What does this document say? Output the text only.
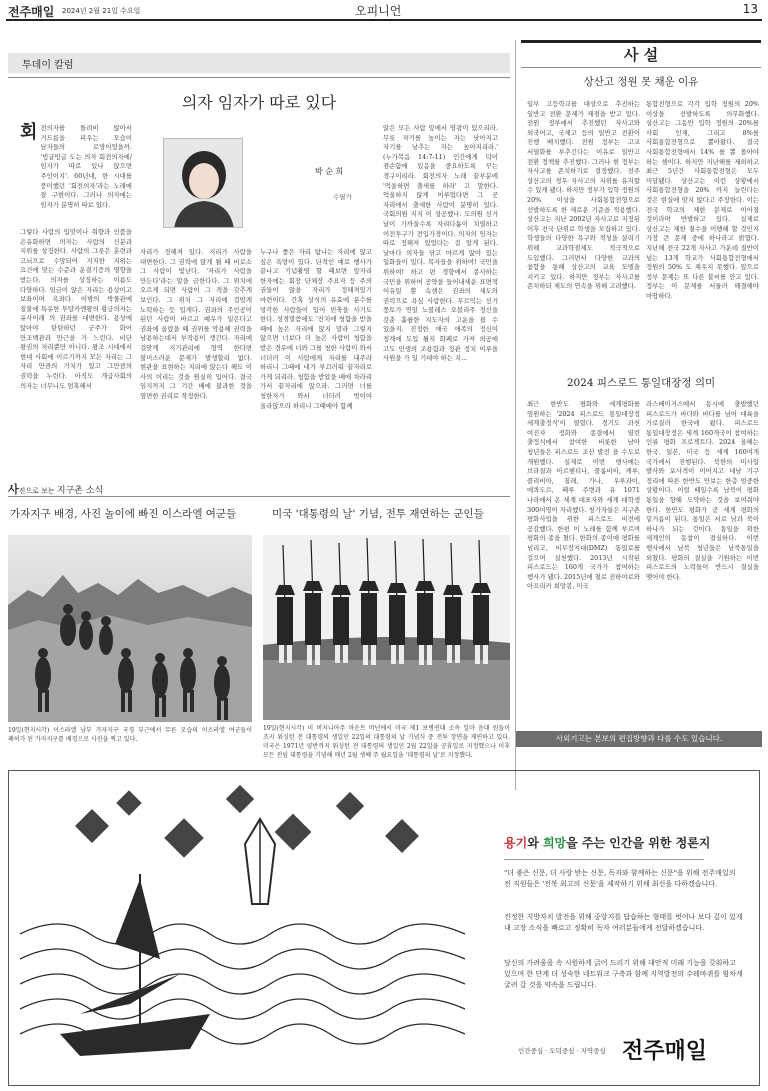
전주매일 2024년 2월 21일 수요일	오피니언	13
투데이 칼럼
의자 임자가 따로 있다
회 전의자를 돌려비 않아서 거드름을 피우는 모습이 남자들의 로망이었을까. '빙글빙글 도는 의자 회전의자에/임자가 따로 있나 앉으면 주인이지'. 60년대, 한 시대를 풍미했던 '회전의자'라는 노래에 잘 구현이다. 그러나 의자에는 임자가 분명히 따로 있다.
그렇다 사람의 입맞이나 취향과 인품을 은유화하면 의자는 사람의 신분과 지위를 상징한다. 사람의 그릇은 훈련과 고뇌으로 수망되어 지지한 지위는 요건에 맞는 수준과 운결기증의 영향을 받는다. 의자를 상징하는 이름도 다양하다. 임금이 앉은 자리는 용상이고 보좌이며 옥좌다. 이밖의 박물관에 질불에 특유한 투탕카멘왕의 황금의자는 유사이래 의 권좌를 대변한다. 용상에 앉아야 탄탄하던 군주가 화어 만조백관과 만근을 가 느린다. 비단 왕권의 자리뿐만 아니다. 왕조 시대에서 현대 사회에 이르기까지 모든 자리는 그 자리 만큼의 가치가 있고 그만큼의 권력을 누린다. 아직도 개급사회의 의자는 너무나도 엄혹해서
박 순 희
수필가
자리가 정해져 있다. 지리가 사람을 대변한다. 그 권력에 앉게 될 때 비로소 그 사람이 빛난다. '자리가 사람을 만든다'라는 말을 금한다다. 그 위치에 오르게 되면 사람이 그 격을 갖추게 보인다. 그 위치 그 자리에 걸맞게 노력하는 듯 입게다. 권좌의 주인공이 된던 사람이 바르고 예우가 일은다고 권좌에 올랐을 때 권위를 악용해 권력을 남용하는데서 부작용이 생긴다. 자리에 걸맞게 지기관리에 형역 한다면 불미스러운 문제가 발생할리 없다. 현관을 표현하는 지리에 앉는다 해도 이 사의 이리는 것을 원실히 입어다. 결국 임지까지 그 기간 배에 불과한 것을 염면한 권리로 작정한다.
누구나 좋은 자리 탐나는 자리에 앉고 싶은 욕망이 있다. 단적인 예로 행사가 끝나고 기념촬영 할 때보면 앞자리 한자에는 회장 단체장 주요자 등 주의 권들이 앉을 자리가 정해져있기 마련이다. 간혹 상식의 유효에 분수를 망각한 사람들이 있어 빈축을 사기도 한다. 성경말씀에도 '잔치에 청함을 받을 때에 높은 자리에 앉지 말라 그렇지 않으면 너보다 더 높은 사람이 청함을 받은 경우에 너와 그를 청한 사람이 와서 너더러 이 사람에게 자리를 내주라 하리니 그때에 네가 부끄러워 끝자리로 가게 되리라. 청함을 받았을 때에 차라리 가서 끝자리에 앉으라. 그러면 너를 청한자가 와서 너더러 벗이여 올라앉으라 하리니 그때에야 함께
앉은 모든 사람 앞에서 영광이 있으리라. 무릇 자기를 높이는 자는 낮아지고 자기를 낮추는 자는 높아지리라.' (누가복음 14:7-11) 인간에게 덕이 겸손함에 있음을 중요하도록 꾸는 경구이리라. 회전의자 노래 끝부분에 '억울하면 출세를 하라' 고 말한다. 억울하지 않게 이루었다면 그 곳 자리에서 출세한 사람이 분명히 있다. 국회의원 지지 이 성공했나. 도의원 선거 날이 가까울수록 자리다툼이 치열하고 이전투구가 전입가경이다. 의자의 임자는 따로 정해져 있었다는 걸 알게 된다. 날마다 의자들 닦고 마르게 앉아 있는 일화들이 있다. 목자들을 위하여! 국민을 위하여! 하고 편 경향에서 봉사하는 국민을 위하여 공약을 들어내세운 표면적 이유일 뿐 속셈은 권좌의 세도와 권력으로 욕심 사람한다. 무르익는 선거 풍토가 연일 노블레스 오블리주 정신을 갖춘 훌륭한 지도자의 고운을 볼 수 있을지. 진정한 애국 애족의 정신이 정계에 도입 될지 화폐로 가져 외공에 고도 민생의 조용함과 정관 정치 이루을 사원을 가 일 기대야 하는 지...
사 설
상산고 정원 못 채운 이유
일부 고등학교를 대상으로 추진하는 일반고 전환 문제가 재점을 받고 있다. 전원 정부에서 추진했던 자사고와 외국어고, 국제고 등의 일반고 전환이 진행 배치했다. 전원 정부는 고교 서열화를 부추긴다는 이유로 일반고 전환 정책를 추진했다. 그러나 현 정부는 자사고를 존치하기로 결정했다. 전주 상산고의 경우 자사고의 지위를 유지할 수 있게 됐다. 하지만 정부가 입학 정원의 20% 이상을 사회통합전형으로 선발하도록 한 새로운 기준을 적용했다. 상산고는 지난 2002년 자사고로 지정된 이후 전국 단위로 학생을 모집하고 있다. 학생들의 다양한 욕구와 적성을 살리기 위해 교과학점제도 적극적으로 도입했다. 그러면서 다양한 교과의 융합을 통해 상산고의 교육 모델을 지키고 있다. 하지만 정부는 자사고를 존치하되 제도의 연속을 위해 고려했다.
통합전형으로 각각 입학 정원의 20% 이상을 선발하도록 의무화했다. 상산고는 그동안 입학 정원의 20%를 사회 인재, 그리고 8%를 사회통합전형으로 뽑아왔다. 결국 사회통합전형에서 14% 를 뽑 몰아야 하는 셈이다. 하지만 지난해를 제외하고 최근 5년간 사회통합전형은 모두 미달됐다. 상산고는 이런 상황에서 사회통합전형을 20% 까지 늘린다는 것은 현실에 맞지 않다고 주장한다. 이는 전국 학교의 제한 문제로 이어질 것이라며 반발하고 있다. 실제로 상산고는 제한 철수을 이행해 할 것인지 가장 큰 문제 중에 하나라고 밝혔다. 지난해 전국 22개 자사고 가운데 절반이 넘는 13개 학교가 사회통합전형에서 정원의 50% 도 채우지 못했다. 앞으로 정부 문제는 또 다른 불씨를 안고 있다. 정부는 이 문제를 서둘러 해결해야 마땅하다.
2024 피스로드 통일대장정 의미
최근 한반도 평화와 세계평화를 염원하는 '2024 피스로드 통일대장정 세계출정식'이 열렸다. 경기도 과천 여진자 정화와 종결에서 열린 출정식에서 참여한 비롯한 남아 청년들은 피스로드 조선 발전 을 수도로 개원했다. 실제로 이번 행사에는 브라질과 아르헨티나, 콜롬비아, 캐루, 콜리비아, 칠레, 가나, 우루과이, 에콰도르, 페루 주변과 유 1071 나라에서 온 세계 대표자와 세계 대학생 300여명이 자리했다. 청가자들은 지구촌 평화사업을 위한 피스로드 비전에 공감했다. 한편 이 노래를 함께 부르며 평화의 종을 쳤다. 한화의 종이에 평화를 넘리고, 비무장지대(DMZ) 통일로를 걸으며 실천했다. 2013년 시작된 피스로드는 160개 국가가 참여하는 행사가 됐다. 2015년에 철로 진하야로와 아프리카 희망봉, 미국
라스베이거스에서 동시에 출발했던 피스로드가 바다와 바다를 넘어 대륙을 가로질러 한국에 왔다. 피스로드 통일대장정은 세계 160개국이 참여하는 인류 평화 프로젝트다. 2024 올해는 한국, 일본, 미국 등 세계 160여개 국가에서 진행된다. 북한의 미사일 발사와 포사격이 이어지고 대남 기구 정리에 따른 한반도 안보는 한층 엄중한 상황이다. 이럴 때일수록 남북이 평화 통일을 향해 도약하는 것을 보여줘야 한다. 한반도 평화가 곧 세계 평화의 밑거름이 된다. 통일은 서로 남과 북이 하나가 되는 것이다. 통일을 위한 세계인의 동참이 절실하다. 이번 행사에서 남북 청년들은 남북통일을 외쳤다. 평화의 결실을 기원하는 이번 피스로드의 노력들이 반드시 결실을 맺어야 한다.
사외기고는 본보의 편집방향과 다를 수도 있습니다.
사진으로 보는 지구촌 소식
가자지구 배경, 사진 놀이에 빠진 이스라엘 여군들
19일(현지시각) 이스라엘 남부 가자지구 국경 부근에서 무른 모습의 이스라엘 여군들이 폐허가 된 가자지구를 배경으로 사진을 찍고 있다.
미국 '대통령의 날' 기념, 전투 재연하는 군인들
19일(현지시각) 미 버지니아주 마운트 버넌에서 미국 제1 보병연대 소속 일마 음대 원들이 조지 워싱턴 전 대통령의 생일인 22일의 대통령의 날 기념식 중 전투 장면을 재연하고 있다. 미국은 1971년 양반까지 워싱턴 전 대통령의 생일인 2월 22일을 공휴일로 지정했으나 이후 모든 전임 대통령을 기념해 매년 2월 셋째 주 월요일을 '대통령의 날'로 지정했다.
용기와 희망을 주는 인간을 위한 정론지
"더 좋은 신문, 더 사랑 받는 신문, 독자와 함께하는 신문"을 위해 전주매일의 전 직원들은 '전북 최고의 신문'을 제작하기 위해 최선을 다하겠습니다.
진정한 지방자치 발전을 위해 중앙지를 답습하는 형태를 벗어나 보다 깊이 있게 내 고장 소식을 빠르고 정확히 독자 여러분들에게 전달하겠습니다.
당신의 가려움을 속 시원하게 긁어 드리기 위해 대안적 미래 기능을 갖춰하고 있으며 한 단계 더 성숙한 네트워크 구축과 함께 지역발전의 수레바퀴를 힘차게 굴려 갈 것을 약속을 드립니다.
인간중심 · 도덕중심 · 지역중심 전주매일
